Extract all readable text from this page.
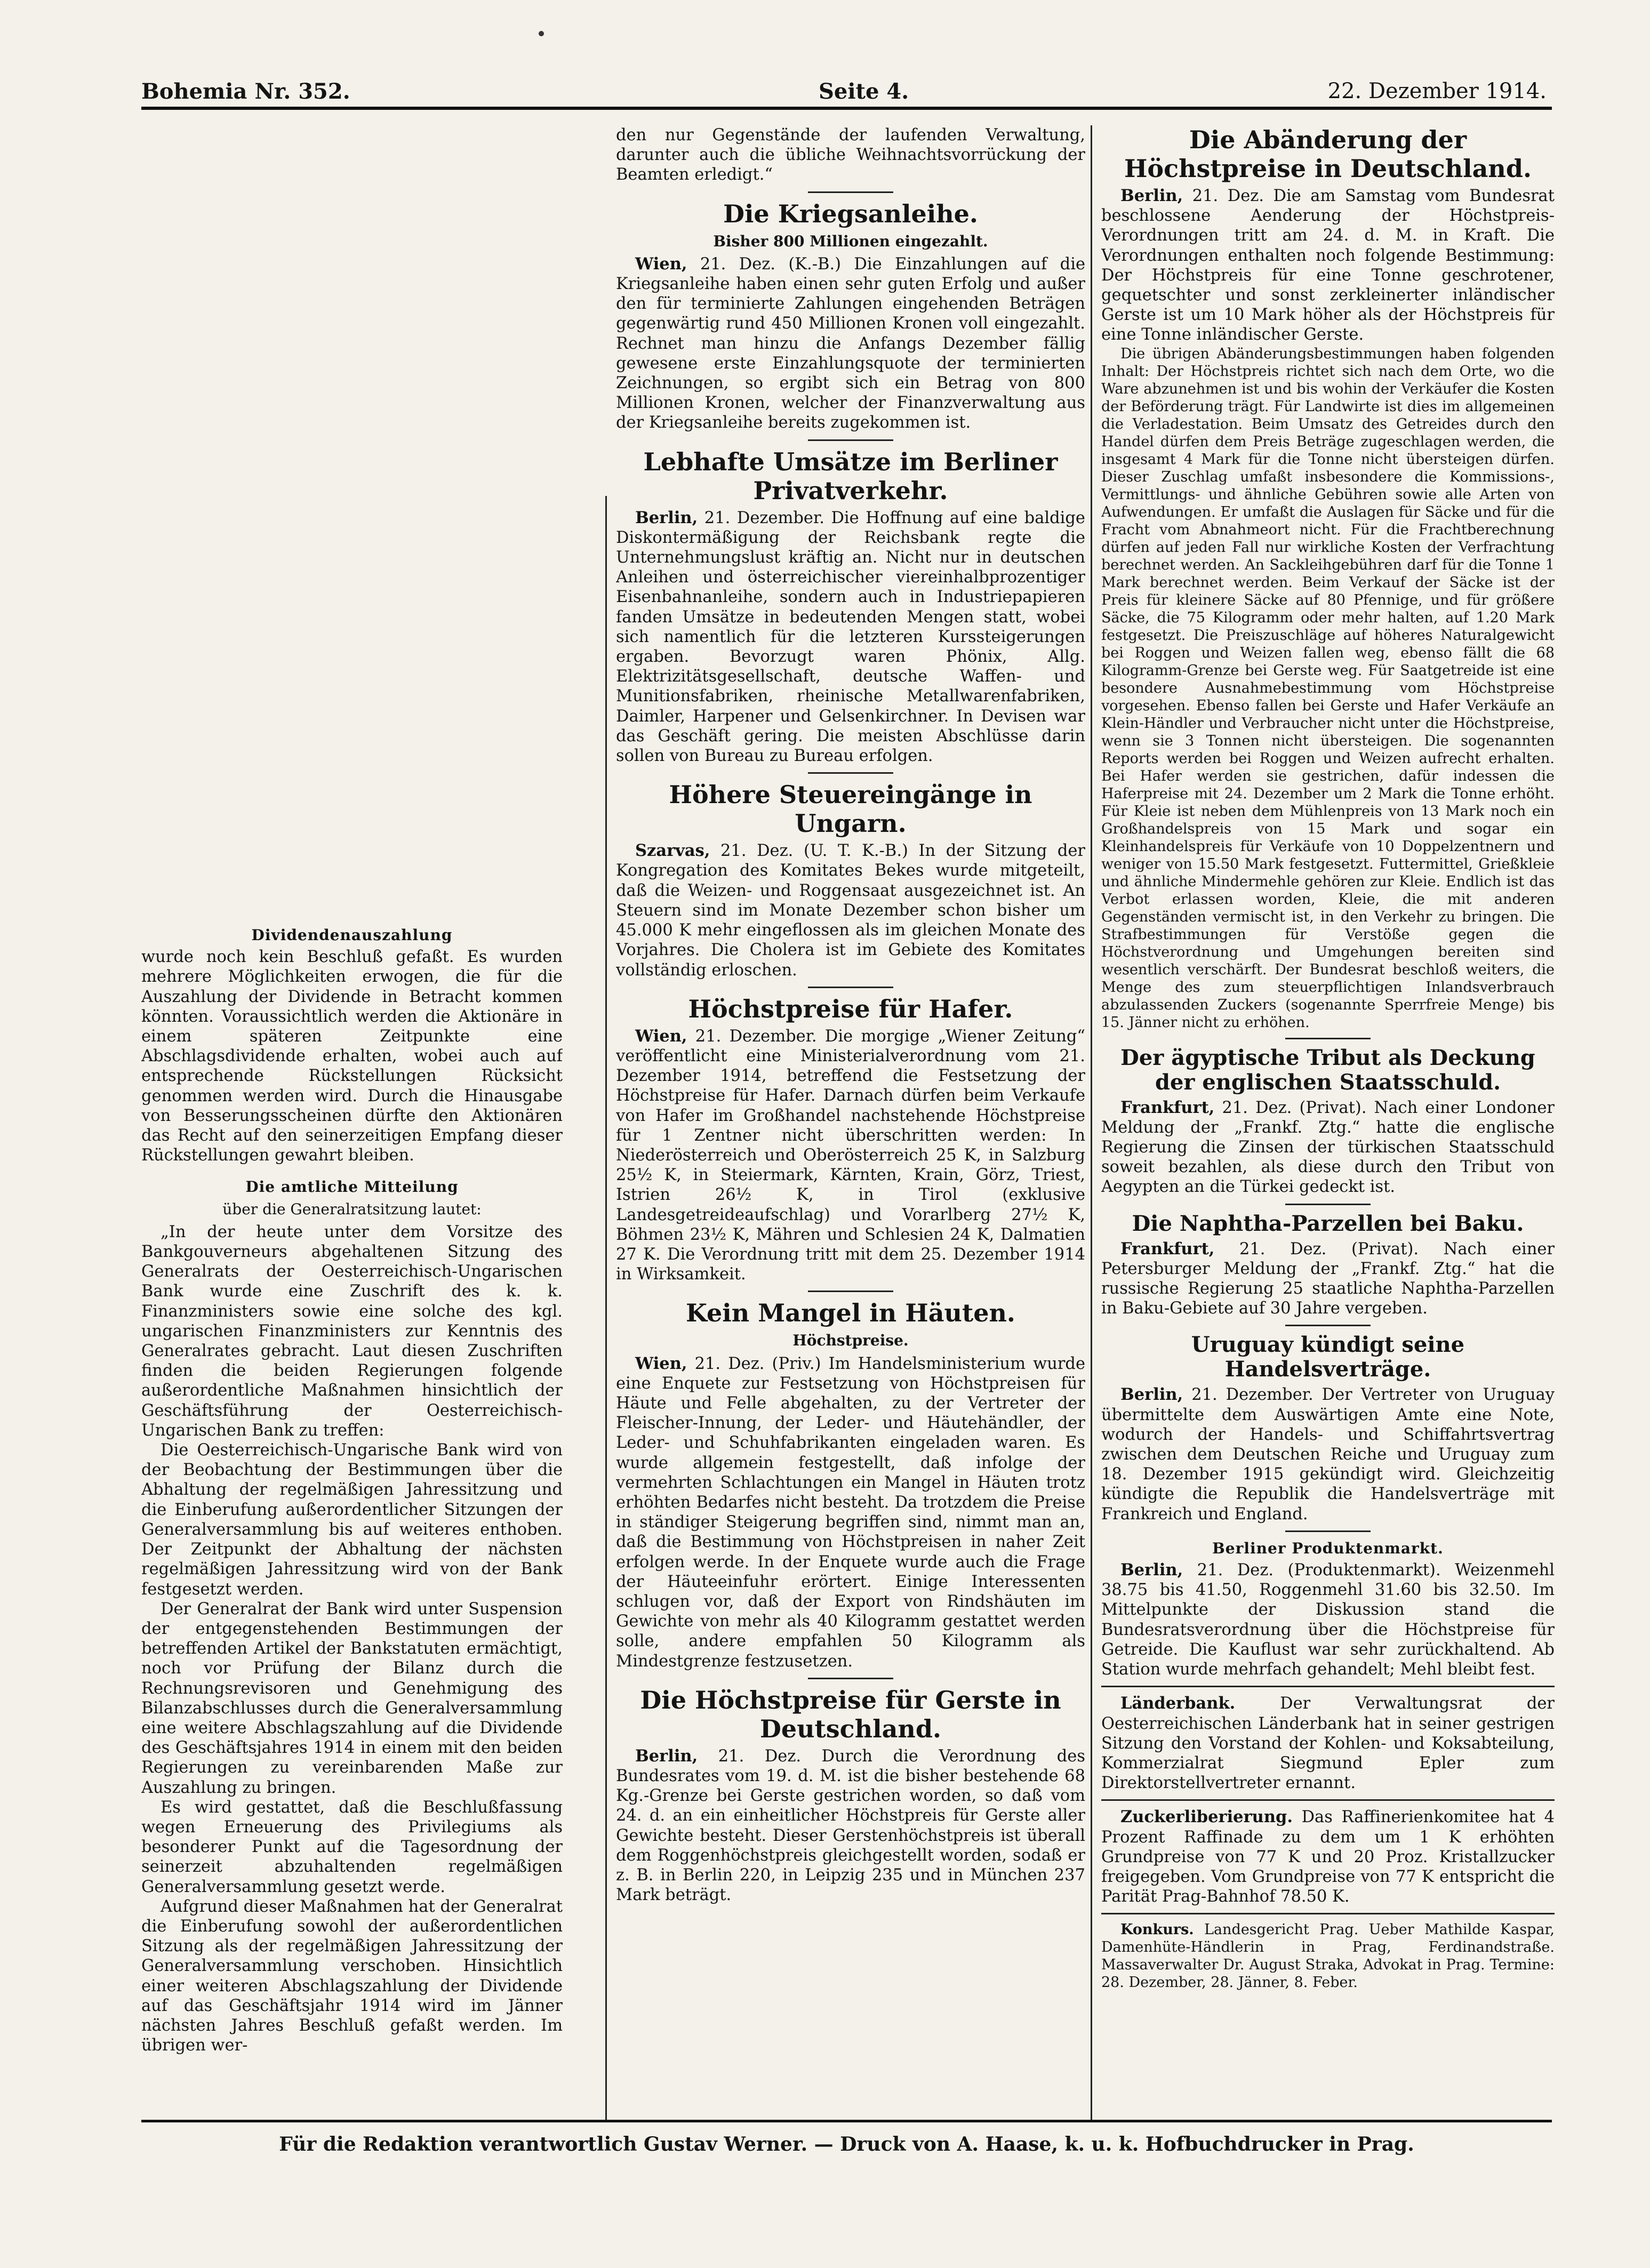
Bohemia Nr. 352.	Seite 4.	22. Dezember 1914.
Dividendenauszahlung

wurde noch kein Beschluß gefaßt. Es wurden mehrere Möglichkeiten erwogen, die für die Auszahlung der Dividende in Betracht kommen könnten. Voraussichtlich werden die Aktionäre in einem späteren Zeitpunkte eine Abschlagsdividende erhalten, wobei auch auf entsprechende Rückstellungen Rücksicht genommen werden wird. Durch die Hinausgabe von Besserungsscheinen dürfte den Aktionären das Recht auf den seinerzeitigen Empfang dieser Rückstellungen gewahrt bleiben.

Die amtliche Mitteilung
über die Generalratsitzung lautet:

„In der heute unter dem Vorsitze des Bankgouverneurs abgehaltenen Sitzung des Generalrats der Oesterreichisch-Ungarischen Bank wurde eine Zuschrift des k. k. Finanzministers sowie eine solche des kgl. ungarischen Finanzministers zur Kenntnis des Generalrates gebracht. Laut diesen Zuschriften finden die beiden Regierungen folgende außerordentliche Maßnahmen hinsichtlich der Geschäftsführung der Oesterreichisch-Ungarischen Bank zu treffen:

Die Oesterreichisch-Ungarische Bank wird von der Beobachtung der Bestimmungen über die Abhaltung der regelmäßigen Jahressitzung und die Einberufung außerordentlicher Sitzungen der Generalversammlung bis auf weiteres enthoben. Der Zeitpunkt der Abhaltung der nächsten regelmäßigen Jahressitzung wird von der Bank festgesetzt werden.

Der Generalrat der Bank wird unter Suspension der entgegenstehenden Bestimmungen der betreffenden Artikel der Bankstatuten ermächtigt, noch vor Prüfung der Bilanz durch die Rechnungsrevisoren und Genehmigung des Bilanzabschlusses durch die Generalversammlung eine weitere Abschlagszahlung auf die Dividende des Geschäftsjahres 1914 in einem mit den beiden Regierungen zu vereinbarenden Maße zur Auszahlung zu bringen.

Es wird gestattet, daß die Beschlußfassung wegen Erneuerung des Privilegiums als besonderer Punkt auf die Tagesordnung der seinerzeit abzuhaltenden regelmäßigen Generalversammlung gesetzt werde.

Aufgrund dieser Maßnahmen hat der Generalrat die Einberufung sowohl der außerordentlichen Sitzung als der regelmäßigen Jahressitzung der Generalversammlung verschoben. Hinsichtlich einer weiteren Abschlagszahlung der Dividende auf das Geschäftsjahr 1914 wird im Jänner nächsten Jahres Beschluß gefaßt werden. Im übrigen wer-

den nur Gegenstände der laufenden Verwaltung, darunter auch die übliche Weihnachtsvorrückung der Beamten erledigt.“

Die Kriegsanleihe.
Bisher 800 Millionen eingezahlt.

Wien, 21. Dez. (K.-B.) Die Einzahlungen auf die Kriegsanleihe haben einen sehr guten Erfolg und außer den für terminierte Zahlungen eingehenden Beträgen gegenwärtig rund 450 Millionen Kronen voll eingezahlt. Rechnet man hinzu die Anfangs Dezember fällig gewesene erste Einzahlungsquote der terminierten Zeichnungen, so ergibt sich ein Betrag von 800 Millionen Kronen, welcher der Finanzverwaltung aus der Kriegsanleihe bereits zugekommen ist.

Lebhafte Umsätze im Berliner Privatverkehr.

Berlin, 21. Dezember. Die Hoffnung auf eine baldige Diskontermäßigung der Reichsbank regte die Unternehmungslust kräftig an. Nicht nur in deutschen Anleihen und österreichischer viereinhalbprozentiger Eisenbahnanleihe, sondern auch in Industriepapieren fanden Umsätze in bedeutenden Mengen statt, wobei sich namentlich für die letzteren Kurssteigerungen ergaben. Bevorzugt waren Phönix, Allg. Elektrizitätsgesellschaft, deutsche Waffen- und Munitionsfabriken, rheinische Metallwarenfabriken, Daimler, Harpener und Gelsenkirchner. In Devisen war das Geschäft gering. Die meisten Abschlüsse darin sollen von Bureau zu Bureau erfolgen.

Höhere Steuereingänge in Ungarn.

Szarvas, 21. Dez. (U. T. K.-B.) In der Sitzung der Kongregation des Komitates Bekes wurde mitgeteilt, daß die Weizen- und Roggensaat ausgezeichnet ist. An Steuern sind im Monate Dezember schon bisher um 45.000 K mehr eingeflossen als im gleichen Monate des Vorjahres. Die Cholera ist im Gebiete des Komitates vollständig erloschen.

Höchstpreise für Hafer.

Wien, 21. Dezember. Die morgige „Wiener Zeitung“ veröffentlicht eine Ministerialverordnung vom 21. Dezember 1914, betreffend die Festsetzung der Höchstpreise für Hafer. Darnach dürfen beim Verkaufe von Hafer im Großhandel nachstehende Höchstpreise für 1 Zentner nicht überschritten werden: In Niederösterreich und Oberösterreich 25 K, in Salzburg 25½ K, in Steiermark, Kärnten, Krain, Görz, Triest, Istrien 26½ K, in Tirol (exklusive Landesgetreideaufschlag) und Vorarlberg 27½ K, Böhmen 23½ K, Mähren und Schlesien 24 K, Dalmatien 27 K. Die Verordnung tritt mit dem 25. Dezember 1914 in Wirksamkeit.

Kein Mangel in Häuten.
Höchstpreise.

Wien, 21. Dez. (Priv.) Im Handelsministerium wurde eine Enquete zur Festsetzung von Höchstpreisen für Häute und Felle abgehalten, zu der Vertreter der Fleischer-Innung, der Leder- und Häutehändler, der Leder- und Schuhfabrikanten eingeladen waren. Es wurde allgemein festgestellt, daß infolge der vermehrten Schlachtungen ein Mangel in Häuten trotz erhöhten Bedarfes nicht besteht. Da trotzdem die Preise in ständiger Steigerung begriffen sind, nimmt man an, daß die Bestimmung von Höchstpreisen in naher Zeit erfolgen werde. In der Enquete wurde auch die Frage der Häuteeinfuhr erörtert. Einige Interessenten schlugen vor, daß der Export von Rindshäuten im Gewichte von mehr als 40 Kilogramm gestattet werden solle, andere empfahlen 50 Kilogramm als Mindestgrenze festzusetzen.

Die Höchstpreise für Gerste in Deutschland.

Berlin, 21. Dez. Durch die Verordnung des Bundesrates vom 19. d. M. ist die bisher bestehende 68 Kg.-Grenze bei Gerste gestrichen worden, so daß vom 24. d. an ein einheitlicher Höchstpreis für Gerste aller Gewichte besteht. Dieser Gerstenhöchstpreis ist überall dem Roggenhöchstpreis gleichgestellt worden, sodaß er z. B. in Berlin 220, in Leipzig 235 und in München 237 Mark beträgt.

Die Abänderung der Höchstpreise in Deutschland.

Berlin, 21. Dez. Die am Samstag vom Bundesrat beschlossene Aenderung der Höchstpreis-Verordnungen tritt am 24. d. M. in Kraft. Die Verordnungen enthalten noch folgende Bestimmung: Der Höchstpreis für eine Tonne geschrotener, gequetschter und sonst zerkleinerter inländischer Gerste ist um 10 Mark höher als der Höchstpreis für eine Tonne inländischer Gerste.

Die übrigen Abänderungsbestimmungen haben folgenden Inhalt: Der Höchstpreis richtet sich nach dem Orte, wo die Ware abzunehmen ist und bis wohin der Verkäufer die Kosten der Beförderung trägt. Für Landwirte ist dies im allgemeinen die Verladestation. Beim Umsatz des Getreides durch den Handel dürfen dem Preis Beträge zugeschlagen werden, die insgesamt 4 Mark für die Tonne nicht übersteigen dürfen. Dieser Zuschlag umfaßt insbesondere die Kommissions-, Vermittlungs- und ähnliche Gebühren sowie alle Arten von Aufwendungen. Er umfaßt die Auslagen für Säcke und für die Fracht vom Abnahmeort nicht. Für die Frachtberechnung dürfen auf jeden Fall nur wirkliche Kosten der Verfrachtung berechnet werden. An Sackleihgebühren darf für die Tonne 1 Mark berechnet werden. Beim Verkauf der Säcke ist der Preis für kleinere Säcke auf 80 Pfennige, und für größere Säcke, die 75 Kilogramm oder mehr halten, auf 1.20 Mark festgesetzt. Die Preiszuschläge auf höheres Naturalgewicht bei Roggen und Weizen fallen weg, ebenso fällt die 68 Kilogramm-Grenze bei Gerste weg. Für Saatgetreide ist eine besondere Ausnahmebestimmung vom Höchstpreise vorgesehen. Ebenso fallen bei Gerste und Hafer Verkäufe an Klein-Händler und Verbraucher nicht unter die Höchstpreise, wenn sie 3 Tonnen nicht übersteigen. Die sogenannten Reports werden bei Roggen und Weizen aufrecht erhalten. Bei Hafer werden sie gestrichen, dafür indessen die Haferpreise mit 24. Dezember um 2 Mark die Tonne erhöht. Für Kleie ist neben dem Mühlenpreis von 13 Mark noch ein Großhandelspreis von 15 Mark und sogar ein Kleinhandelspreis für Verkäufe von 10 Doppelzentnern und weniger von 15.50 Mark festgesetzt. Futtermittel, Grießkleie und ähnliche Mindermehle gehören zur Kleie. Endlich ist das Verbot erlassen worden, Kleie, die mit anderen Gegenständen vermischt ist, in den Verkehr zu bringen. Die Strafbestimmungen für Verstöße gegen die Höchstverordnung und Umgehungen bereiten sind wesentlich verschärft. Der Bundesrat beschloß weiters, die Menge des zum steuerpflichtigen Inlandsverbrauch abzulassenden Zuckers (sogenannte Sperrfreie Menge) bis 15. Jänner nicht zu erhöhen.

Der ägyptische Tribut als Deckung der englischen Staatsschuld.

Frankfurt, 21. Dez. (Privat). Nach einer Londoner Meldung der „Frankf. Ztg.“ hatte die englische Regierung die Zinsen der türkischen Staatsschuld soweit bezahlen, als diese durch den Tribut von Aegypten an die Türkei gedeckt ist.

Die Naphtha-Parzellen bei Baku.

Frankfurt, 21. Dez. (Privat). Nach einer Petersburger Meldung der „Frankf. Ztg.“ hat die russische Regierung 25 staatliche Naphtha-Parzellen in Baku-Gebiete auf 30 Jahre vergeben.

Uruguay kündigt seine Handelsverträge.

Berlin, 21. Dezember. Der Vertreter von Uruguay übermittelte dem Auswärtigen Amte eine Note, wodurch der Handels- und Schiffahrtsvertrag zwischen dem Deutschen Reiche und Uruguay zum 18. Dezember 1915 gekündigt wird. Gleichzeitig kündigte die Republik die Handelsverträge mit Frankreich und England.

Berliner Produktenmarkt.

Berlin, 21. Dez. (Produktenmarkt). Weizenmehl 38.75 bis 41.50, Roggenmehl 31.60 bis 32.50. Im Mittelpunkte der Diskussion stand die Bundesratsverordnung über die Höchstpreise für Getreide. Die Kauflust war sehr zurückhaltend. Ab Station wurde mehrfach gehandelt; Mehl bleibt fest.

Länderbank.	Der Verwaltungsrat der Oesterreichischen Länderbank hat in seiner gestrigen Sitzung den Vorstand der Kohlen- und Koksabteilung, Kommerzialrat Siegmund Epler zum Direktorstellvertreter ernannt.

Zuckerliberierung. Das Raffinerienkomitee hat 4 Prozent Raffinade zu dem um 1 K erhöhten Grundpreise von 77 K und 20 Proz. Kristallzucker freigegeben. Vom Grundpreise von 77 K entspricht die Parität Prag-Bahnhof 78.50 K.

Konkurs. Landesgericht Prag. Ueber Mathilde Kaspar, Damenhüte-Händlerin in Prag, Ferdinandstraße. Massaverwalter Dr. August Straka, Advokat in Prag. Termine: 28. Dezember, 28. Jänner, 8. Feber.

Für die Redaktion verantwortlich Gustav Werner. — Druck von A. Haase, k. u. k. Hofbuchdrucker in Prag.
